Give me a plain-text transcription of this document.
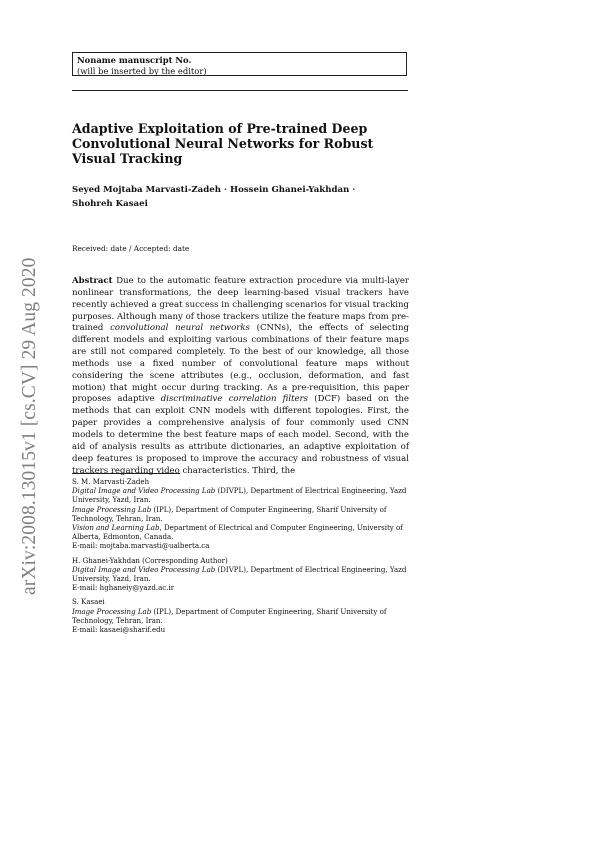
Noname manuscript No.
(will be inserted by the editor)
Adaptive Exploitation of Pre-trained Deep Convolutional Neural Networks for Robust Visual Tracking

Seyed Mojtaba Marvasti-Zadeh · Hossein Ghanei-Yakhdan · Shohreh Kasaei

Received: date / Accepted: date

Abstract Due to the automatic feature extraction procedure via multi-layer nonlinear transformations, the deep learning-based visual trackers have recently achieved a great success in challenging scenarios for visual tracking purposes. Although many of those trackers utilize the feature maps from pre-trained convolutional neural networks (CNNs), the effects of selecting different models and exploiting various combinations of their feature maps are still not compared completely. To the best of our knowledge, all those methods use a fixed number of convolutional feature maps without considering the scene attributes (e.g., occlusion, deformation, and fast motion) that might occur during tracking. As a pre-requisition, this paper proposes adaptive discriminative correlation filters (DCF) based on the methods that can exploit CNN models with different topologies. First, the paper provides a comprehensive analysis of four commonly used CNN models to determine the best feature maps of each model. Second, with the aid of analysis results as attribute dictionaries, an adaptive exploitation of deep features is proposed to improve the accuracy and robustness of visual trackers regarding video characteristics. Third, the

S. M. Marvasti-Zadeh
Digital Image and Video Processing Lab (DIVPL), Department of Electrical Engineering, Yazd University, Yazd, Iran.
Image Processing Lab (IPL), Department of Computer Engineering, Sharif University of Technology, Tehran, Iran.
Vision and Learning Lab, Department of Electrical and Computer Engineering, University of Alberta, Edmonton, Canada.
E-mail: mojtaba.marvasti@ualberta.ca
H. Ghanei-Yakhdan (Corresponding Author)
Digital Image and Video Processing Lab (DIVPL), Department of Electrical Engineering, Yazd University, Yazd, Iran.
E-mail: hghaneiy@yazd.ac.ir
S. Kasaei
Image Processing Lab (IPL), Department of Computer Engineering, Sharif University of Technology, Tehran, Iran.
E-mail: kasaei@sharif.edu
arXiv:2008.13015v1 [cs.CV] 29 Aug 2020
